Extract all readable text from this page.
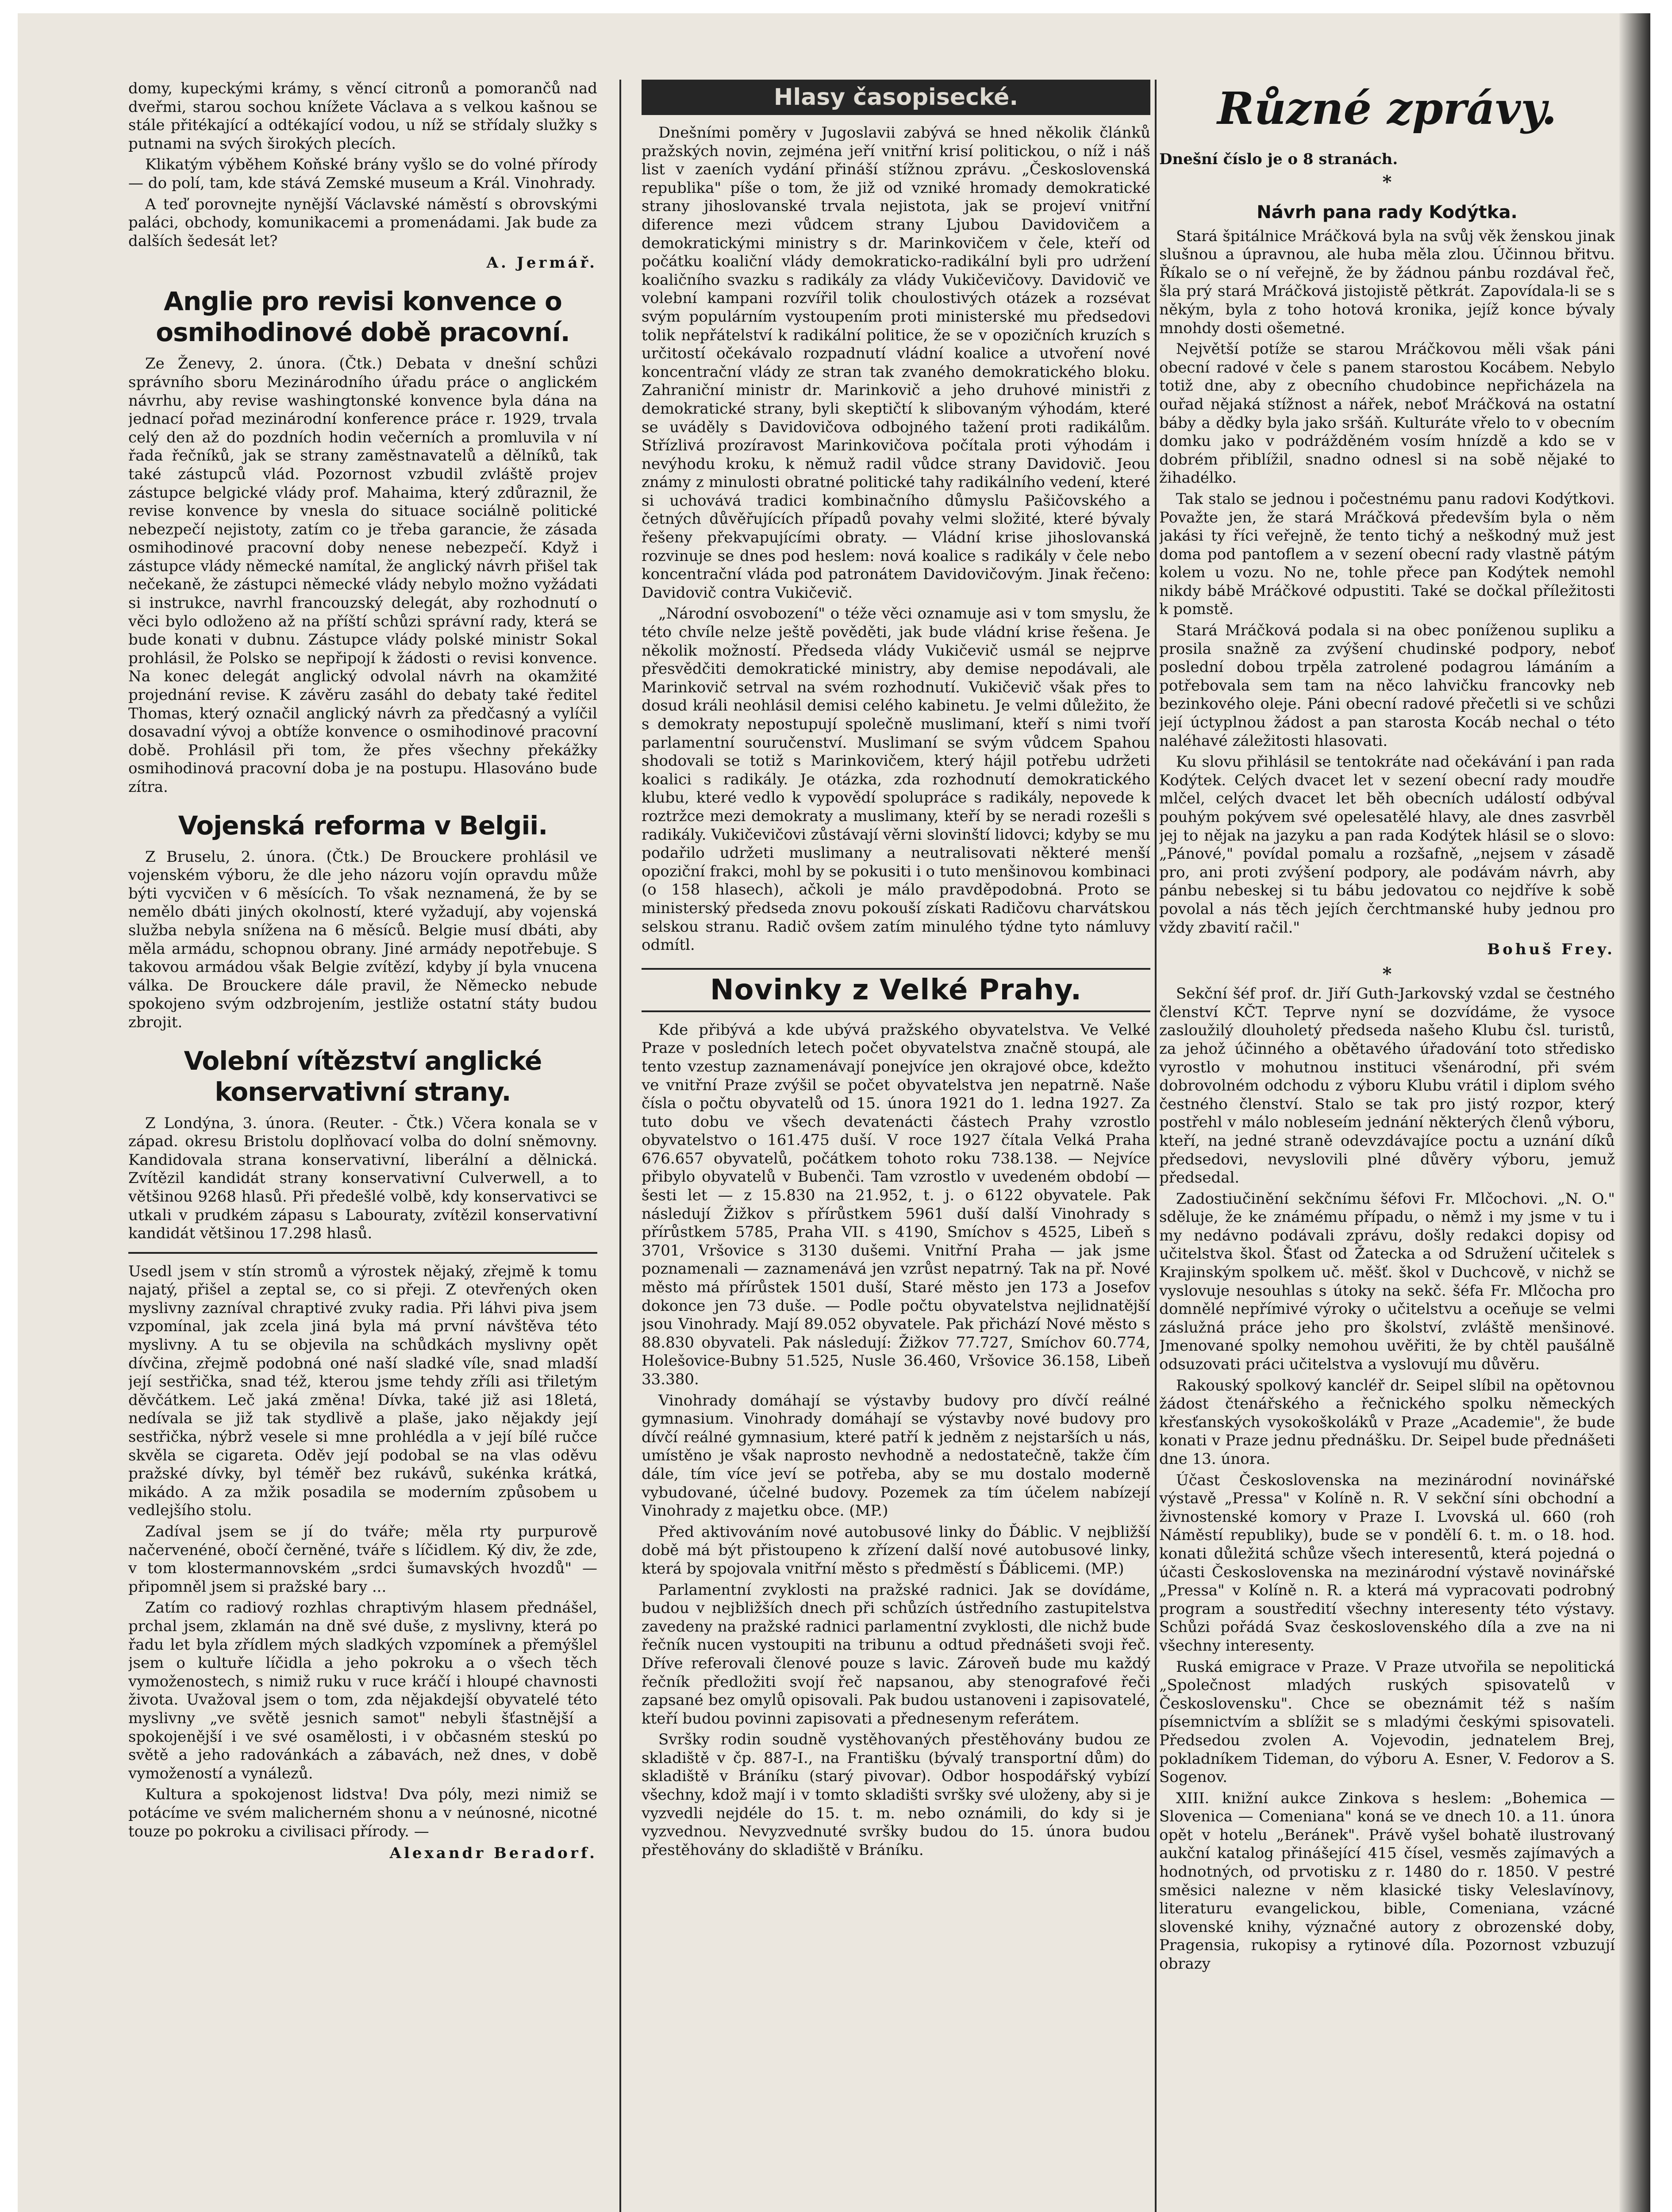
domy, kupeckými krámy, s věncí citronů a pomorančů nad dveřmi, starou sochou knížete Václava a s velkou kašnou se stále přitékající a odtékající vodou, u níž se střídaly služky s putnami na svých širokých plecích.

Klikatým výběhem Koňské brány vyšlo se do volné přírody — do polí, tam, kde stává Zemské museum a Král. Vinohrady.

A teď porovnejte nynější Václavské náměstí s obrovskými paláci, obchody, komunikacemi a promenádami. Jak bude za dalších šedesát let?

A. Jermář.
Anglie pro revisi konvence o osmihodinové době pracovní.

Ze Ženevy, 2. února. (Čtk.) Debata v dnešní schůzi správního sboru Mezinárodního úřadu práce o anglickém návrhu, aby revise washingtonské konvence byla dána na jednací pořad mezinárodní konference práce r. 1929, trvala celý den až do pozdních hodin večerních a promluvila v ní řada řečníků, jak se strany zaměstnavatelů a dělníků, tak také zástupců vlád. Pozornost vzbudil zvláště projev zástupce belgické vlády prof. Mahaima, který zdůraznil, že revise konvence by vnesla do situace sociálně politické nebezpečí nejistoty, zatím co je třeba garancie, že zásada osmihodinové pracovní doby nenese nebezpečí. Když i zástupce vlády německé namítal, že anglický návrh přišel tak nečekaně, že zástupci německé vlády nebylo možno vyžádati si instrukce, navrhl francouzský delegát, aby rozhodnutí o věci bylo odloženo až na příští schůzi správní rady, která se bude konati v dubnu. Zástupce vlády polské ministr Sokal prohlásil, že Polsko se nepřipojí k žádosti o revisi konvence. Na konec delegát anglický odvolal návrh na okamžité projednání revise. K závěru zasáhl do debaty také ředitel Thomas, který označil anglický návrh za předčasný a vylíčil dosavadní vývoj a obtíže konvence o osmihodinové pracovní době. Prohlásil při tom, že přes všechny překážky osmihodinová pracovní doba je na postupu. Hlasováno bude zítra.

Vojenská reforma v Belgii.

Z Bruselu, 2. února. (Čtk.) De Brouckere prohlásil ve vojenském výboru, že dle jeho názoru vojín opravdu může býti vycvičen v 6 měsících. To však neznamená, že by se nemělo dbáti jiných okolností, které vyžadují, aby vojenská služba nebyla snížena na 6 měsíců. Belgie musí dbáti, aby měla armádu, schopnou obrany. Jiné armády nepotřebuje. S takovou armádou však Belgie zvítězí, kdyby jí byla vnucena válka. De Brouckere dále pravil, že Německo nebude spokojeno svým odzbrojením, jestliže ostatní státy budou zbrojit.

Volební vítězství anglické konservativní strany.

Z Londýna, 3. února. (Reuter. - Čtk.) Včera konala se v západ. okresu Bristolu doplňovací volba do dolní sněmovny. Kandidovala strana konservativní, liberální a dělnická. Zvítězil kandidát strany konservativní Culverwell, a to většinou 9268 hlasů. Při předešlé volbě, kdy konservativci se utkali v prudkém zápasu s Labouraty, zvítězil konservativní kandidát většinou 17.298 hlasů.

Usedl jsem v stín stromů a výrostek nějaký, zřejmě k tomu najatý, přišel a zeptal se, co si přeji. Z otevřených oken myslivny zazníval chraptivé zvuky radia. Při láhvi piva jsem vzpomínal, jak zcela jiná byla má první návštěva této myslivny. A tu se objevila na schůdkách myslivny opět dívčina, zřejmě podobná oné naší sladké víle, snad mladší její sestřička, snad též, kterou jsme tehdy zříli asi třiletým děvčátkem. Leč jaká změna! Dívka, také již asi 18letá, nedívala se již tak stydlivě a plaše, jako nějakdy její sestřička, nýbrž vesele si mne prohlédla a v její bílé ručce skvěla se cigareta. Oděv její podobal se na vlas oděvu pražské dívky, byl téměř bez rukávů, sukénka krátká, mikádo. A za mžik posadila se moderním způsobem u vedlejšího stolu.

Zadíval jsem se jí do tváře; měla rty purpurově načervenéné, obočí černěné, tváře s líčidlem. Ký div, že zde, v tom klostermannovském „srdci šumavských hvozdů" — připomněl jsem si pražské bary ...

Zatím co radiový rozhlas chraptivým hlasem přednášel, prchal jsem, zklamán na dně své duše, z myslivny, která po řadu let byla zřídlem mých sladkých vzpomínek a přemýšlel jsem o kultuře líčidla a jeho pokroku a o všech těch vymoženostech, s nimiž ruku v ruce kráčí i hloupé chavnosti života. Uvažoval jsem o tom, zda nějakdejší obyvatelé této myslivny „ve světě jesnich samot" nebyli šťastnější a spokojenější i ve své osamělosti, i v občasném steskú po světě a jeho radovánkách a zábavách, než dnes, v době vymožeností a vynálezů.

Kultura a spokojenost lidstva! Dva póly, mezi nimiž se potácíme ve svém malicherném shonu a v neúnosné, nicotné touze po pokroku a civilisaci přírody. —

Alexandr Beradorf.
Hlasy časopisecké.

Dnešními poměry v Jugoslavii zabývá se hned několik článků pražských novin, zejména jeří vnitřní krisí politickou, o níž i náš list v zaeních vydání přináší stížnou zprávu. „Československá republika" píše o tom, že již od vzniké hromady demokratické strany jihoslovanské trvala nejistota, jak se projeví vnitřní diference mezi vůdcem strany Ljubou Davidovičem a demokratickými ministry s dr. Marinkovičem v čele, kteří od počátku koaliční vlády demokraticko-radikální byli pro udržení koaličního svazku s radikály za vlády Vukičevičovy. Davidovič ve volební kampani rozvířil tolik choulostivých otázek a rozsévat svým populárním vystoupením proti ministerské mu předsedovi tolik nepřátelství k radikální politice, že se v opozičních kruzích s určitostí očekávalo rozpadnutí vládní koalice a utvoření nové koncentrační vlády ze stran tak zvaného demokratického bloku. Zahraniční ministr dr. Marinkovič a jeho druhové ministři z demokratické strany, byli skeptičtí k slibovaným výhodám, které se uváděly s Davidovičova odbojného tažení proti radikálům. Střízlivá prozíravost Marinkovičova počítala proti výhodám i nevýhodu kroku, k němuž radil vůdce strany Davidovič. Jeou známy z minulosti obratné politické tahy radikálního vedení, které si uchovává tradici kombinačního důmyslu Pašičovského a četných důvěřujících případů povahy velmi složité, které bývaly řešeny překvapujícími obraty. — Vládní krise jihoslovanská rozvinuje se dnes pod heslem: nová koalice s radikály v čele nebo koncentrační vláda pod patronátem Davidovičovým. Jinak řečeno: Davidovič contra Vukičevič.

„Národní osvobození" o téže věci oznamuje asi v tom smyslu, že této chvíle nelze ještě pověděti, jak bude vládní krise řešena. Je několik možností. Předseda vlády Vukičevič usmál se nejprve přesvědčiti demokratické ministry, aby demise nepodávali, ale Marinkovič setrval na svém rozhodnutí. Vukičevič však přes to dosud králi neohlásil demisi celého kabinetu. Je velmi důležito, že s demokraty nepostupují společně muslimaní, kteří s nimi tvoří parlamentní souručenství. Muslimaní se svým vůdcem Spahou shodovali se totiž s Marinkovičem, který hájil potřebu udržeti koalici s radikály. Je otázka, zda rozhodnutí demokratického klubu, které vedlo k vypovědí spolupráce s radikály, nepovede k roztržce mezi demokraty a muslimany, kteří by se neradi rozešli s radikály. Vukičevičovi zůstávají věrni slovinští lidovci; kdyby se mu podařilo udržeti muslimany a neutralisovati některé menší opoziční frakci, mohl by se pokusiti i o tuto menšinovou kombinaci (o 158 hlasech), ačkoli je málo pravděpodobná. Proto se ministerský předseda znovu pokouší získati Radičovu charvátskou selskou stranu. Radič ovšem zatím minulého týdne tyto námluvy odmítl.

Novinky z Velké Prahy.

Kde přibývá a kde ubývá pražského obyvatelstva. Ve Velké Praze v posledních letech počet obyvatelstva značně stoupá, ale tento vzestup zaznamenávají ponejvíce jen okrajové obce, kdežto ve vnitřní Praze zvýšil se počet obyvatelstva jen nepatrně. Naše čísla o počtu obyvatelů od 15. února 1921 do 1. ledna 1927. Za tuto dobu ve všech devatenácti částech Prahy vzrostlo obyvatelstvo o 161.475 duší. V roce 1927 čítala Velká Praha 676.657 obyvatelů, počátkem tohoto roku 738.138. — Nejvíce přibylo obyvatelů v Bubenči. Tam vzrostlo v uvedeném období — šesti let — z 15.830 na 21.952, t. j. o 6122 obyvatele. Pak následují Žižkov s přírůstkem 5961 duší další Vinohrady s přírůstkem 5785, Praha VII. s 4190, Smíchov s 4525, Libeň s 3701, Vršovice s 3130 dušemi. Vnitřní Praha — jak jsme poznamenali — zaznamenává jen vzrůst nepatrný. Tak na př. Nové město má přírůstek 1501 duší, Staré město jen 173 a Josefov dokonce jen 73 duše. — Podle počtu obyvatelstva nejlidnatější jsou Vinohrady. Mají 89.052 obyvatele. Pak přichází Nové město s 88.830 obyvateli. Pak následují: Žižkov 77.727, Smíchov 60.774, Holešovice-Bubny 51.525, Nusle 36.460, Vršovice 36.158, Libeň 33.380.

Vinohrady domáhají se výstavby budovy pro dívčí reálné gymnasium. Vinohrady domáhají se výstavby nové budovy pro dívčí reálné gymnasium, které patří k jedněm z nejstarších u nás, umístěno je však naprosto nevhodně a nedostatečně, takže čím dále, tím více jeví se potřeba, aby se mu dostalo moderně vybudované, účelné budovy. Pozemek za tím účelem nabízejí Vinohrady z majetku obce. (MP.)

Před aktivováním nové autobusové linky do Ďáblic. V nejbližší době má být přistoupeno k zřízení další nové autobusové linky, která by spojovala vnitřní město s předměstí s Ďáblicemi. (MP.)

Parlamentní zvyklosti na pražské radnici. Jak se dovídáme, budou v nejbližších dnech při schůzích ústředního zastupitelstva zavedeny na pražské radnici parlamentní zvyklosti, dle nichž bude řečník nucen vystoupiti na tribunu a odtud přednášeti svoji řeč. Dříve referovali členové pouze s lavic. Zároveň bude mu každý řečník předložiti svojí řeč napsanou, aby stenografové řeči zapsané bez omylů opisovali. Pak budou ustanoveni i zapisovatelé, kteří budou povinni zapisovati a přednesenym referátem.

Svršky rodin soudně vystěhovaných přestěhovány budou ze skladiště v čp. 887-I., na Františku (bývalý transportní dům) do skladiště v Bráníku (starý pivovar). Odbor hospodářský vybízí všechny, kdož mají i v tomto skladišti svršky své uloženy, aby si je vyzvedli nejdéle do 15. t. m. nebo oznámili, do kdy si je vyzvednou. Nevyzvednuté svršky budou do 15. února budou přestěhovány do skladiště v Bráníku.

Různé zprávy.

Dnešní číslo je o 8 stranách.

*
Návrh pana rady Kodýtka.

Stará špitálnice Mráčková byla na svůj věk ženskou jinak slušnou a úpravnou, ale huba měla zlou. Účinnou břitvu. Říkalo se o ní veřejně, že by žádnou pánbu rozdával řeč, šla prý stará Mráčková jistojistě pětkrát. Zapovídala-li se s někým, byla z toho hotová kronika, jejíž konce bývaly mnohdy dosti ošemetné.

Největší potíže se starou Mráčkovou měli však páni obecní radové v čele s panem starostou Kocábem. Nebylo totiž dne, aby z obecního chudobince nepřicházela na ouřad nějaká stížnost a nářek, neboť Mráčková na ostatní báby a dědky byla jako sršáň. Kulturáte vřelo to v obecním domku jako v podrážděném vosím hnízdě a kdo se v dobrém přiblížil, snadno odnesl si na sobě nějaké to žihadélko.

Tak stalo se jednou i počestnému panu radovi Kodýtkovi. Považte jen, že stará Mráčková především byla o něm jakási ty říci veřejně, že tento tichý a neškodný muž jest doma pod pantoflem a v sezení obecní rady vlastně pátým kolem u vozu. No ne, tohle přece pan Kodýtek nemohl nikdy bábě Mráčkové odpustiti. Také se dočkal příležitosti k pomstě.

Stará Mráčková podala si na obec poníženou supliku a prosila snažně za zvýšení chudinské podpory, neboť poslední dobou trpěla zatrolené podagrou lámáním a potřebovala sem tam na něco lahvičku francovky neb bezinkového oleje. Páni obecní radové přečetli si ve schůzi její úctyplnou žádost a pan starosta Kocáb nechal o této naléhavé záležitosti hlasovati.

Ku slovu přihlásil se tentokráte nad očekávání i pan rada Kodýtek. Celých dvacet let v sezení obecní rady moudře mlčel, celých dvacet let běh obecních událostí odbýval pouhým pokývem své opelesatělé hlavy, ale dnes zasvrběl jej to nějak na jazyku a pan rada Kodýtek hlásil se o slovo: „Pánové," povídal pomalu a rozšafně, „nejsem v zásadě pro, ani proti zvýšení podpory, ale podávám návrh, aby pánbu nebeskej si tu bábu jedovatou co nejdříve k sobě povolal a nás těch jejích čerchtmanské huby jednou pro vždy zbavití račil."

Bohuš Frey.
*

Sekční šéf prof. dr. Jiří Guth-Jarkovský vzdal se čestného členství KČT. Teprve nyní se dozvídáme, že vysoce zasloužilý dlouholetý předseda našeho Klubu čsl. turistů, za jehož účinného a obětavého úřadování toto středisko vyrostlo v mohutnou instituci všenárodní, při svém dobrovolném odchodu z výboru Klubu vrátil i diplom svého čestného členství. Stalo se tak pro jistý rozpor, který postřehl v málo nobleseím jednání některých členů výboru, kteří, na jedné straně odevzdávajíce poctu a uznání díků předsedovi, nevyslovili plné důvěry výboru, jemuž předsedal.

Zadostiučinění sekčnímu šéfovi Fr. Mlčochovi. „N. O." sděluje, že ke známému případu, o němž i my jsme v tu i my nedávno podávali zprávu, došly redakci dopisy od učitelstva škol. Šťast od Žatecka a od Sdružení učitelek s Krajinským spolkem uč. měšť. škol v Duchcově, v nichž se vyslovuje nesouhlas s útoky na sekč. šéfa Fr. Mlčocha pro domnělé nepřímivé výroky o učitelstvu a oceňuje se velmi záslužná práce jeho pro školství, zvláště menšinové. Jmenované spolky nemohou uvěřiti, že by chtěl paušálně odsuzovati práci učitelstva a vyslovují mu důvěru.

Rakouský spolkový kancléř dr. Seipel slíbil na opětovnou žádost čtenářského a řečnického spolku německých křesťanských vysokoškoláků v Praze „Academie", že bude konati v Praze jednu přednášku. Dr. Seipel bude přednášeti dne 13. února.

Účast Československa na mezinárodní novinářské výstavě „Pressa" v Kolíně n. R. V sekční síni obchodní a živnostenské komory v Praze I. Lvovská ul. 660 (roh Náměstí republiky), bude se v pondělí 6. t. m. o 18. hod. konati důležitá schůze všech interesentů, která pojedná o účasti Československa na mezinárodní výstavě novinářské „Pressa" v Kolíně n. R. a která má vypracovati podrobný program a soustředití všechny interesenty této výstavy. Schůzi pořádá Svaz československého díla a zve na ni všechny interesenty.

Ruská emigrace v Praze. V Praze utvořila se nepolitická „Společnost mladých ruských spisovatelů v Československu". Chce se obeznámit též s naším písemnictvím a sblížit se s mladými českými spisovateli. Předsedou zvolen A. Vojevodin, jednatelem Brej, pokladníkem Tideman, do výboru A. Esner, V. Fedorov a S. Sogenov.

XIII. knižní aukce Zinkova s heslem: „Bohemica — Slovenica — Comeniana" koná se ve dnech 10. a 11. února opět v hotelu „Beránek". Právě vyšel bohatě ilustrovaný aukční katalog přinášející 415 čísel, vesměs zajímavých a hodnotných, od prvotisku z r. 1480 do r. 1850. V pestré směsici nalezne v něm klasické tisky Veleslavínovy, literaturu evangelickou, bible, Comeniana, vzácné slovenské knihy, význačné autory z obrozenské doby, Pragensia, rukopisy a rytinové díla. Pozornost vzbuzují obrazy
